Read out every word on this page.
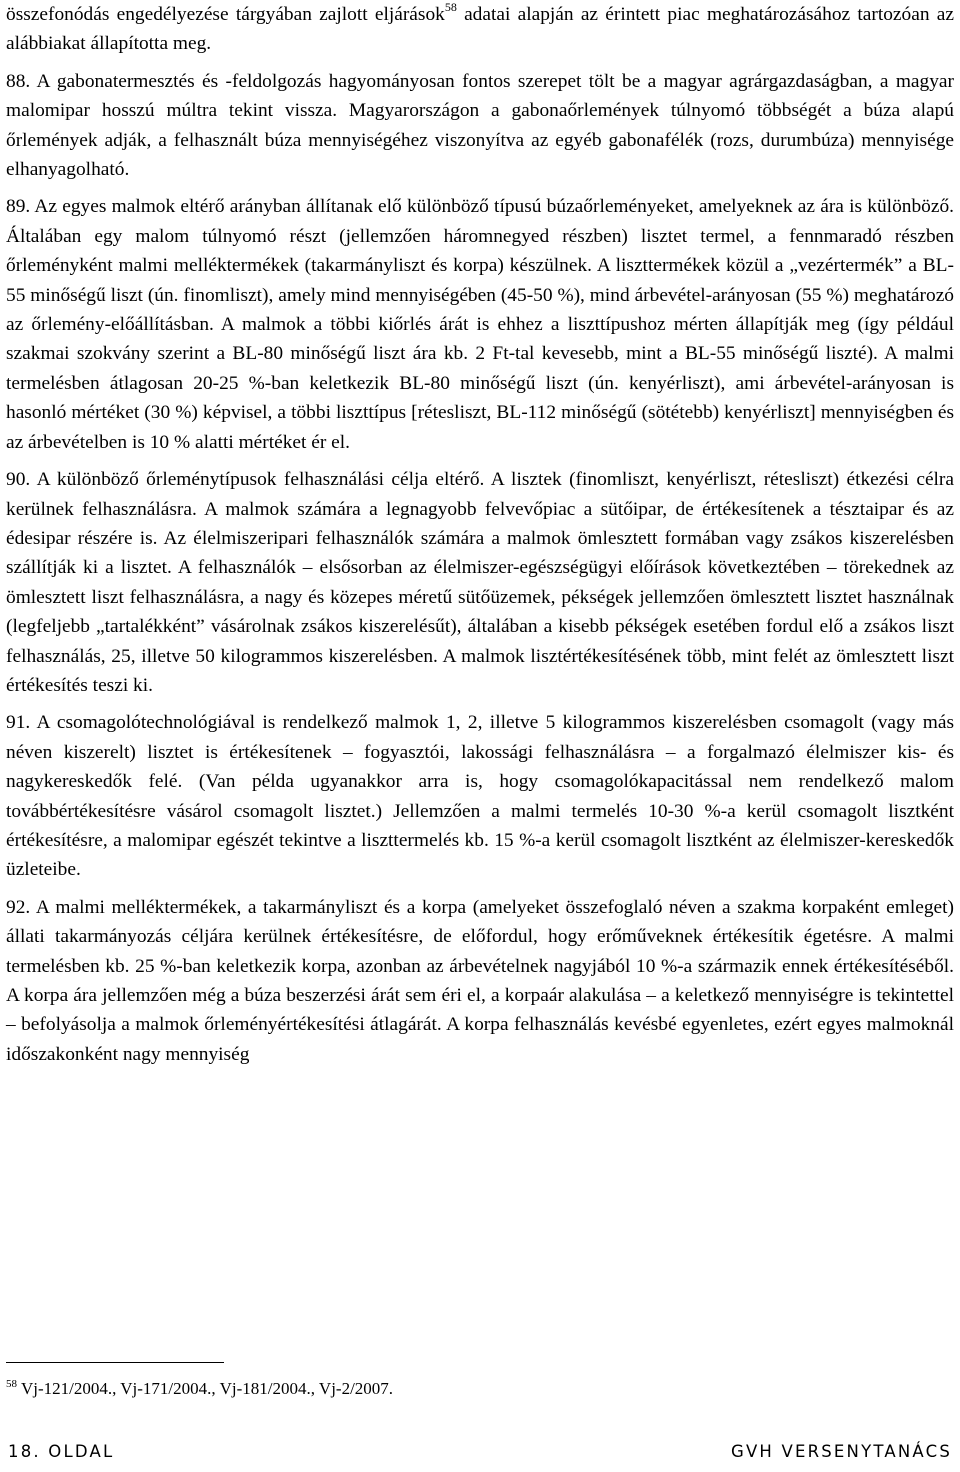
összefonódás engedélyezése tárgyában zajlott eljárások$^{58}$ adatai alapján az érintett piac meghatározásához tartozóan az alábbiakat állapította meg.

88. A gabonatermesztés és -feldolgozás hagyományosan fontos szerepet tölt be a magyar agrárgazdaságban, a magyar malomipar hosszú múltra tekint vissza. Magyarországon a gabonaőrlemények túlnyomó többségét a búza alapú őrlemények adják, a felhasznált búza mennyiségéhez viszonyítva az egyéb gabonafélék (rozs, durumbúza) mennyisége elhanyagolható.

89. Az egyes malmok eltérő arányban állítanak elő különböző típusú búzaőrleményeket, amelyeknek az ára is különböző. Általában egy malom túlnyomó részt (jellemzően háromnegyed részben) lisztet termel, a fennmaradó részben őrleményként malmi melléktermékek (takarmányliszt és korpa) készülnek. A liszttermékek közül a „vezértermék” a BL-55 minőségű liszt (ún. finomliszt), amely mind mennyiségében (45-50 %), mind árbevétel-arányosan (55 %) meghatározó az őrlemény-előállításban. A malmok a többi kiőrlés árát is ehhez a liszttípushoz mérten állapítják meg (így például szakmai szokvány szerint a BL-80 minőségű liszt ára kb. 2 Ft-tal kevesebb, mint a BL-55 minőségű liszté). A malmi termelésben átlagosan 20-25 %-ban keletkezik BL-80 minőségű liszt (ún. kenyérliszt), ami árbevétel-arányosan is hasonló mértéket (30 %) képvisel, a többi liszttípus [rétesliszt, BL-112 minőségű (sötétebb) kenyérliszt] mennyiségben és az árbevételben is 10 % alatti mértéket ér el.

90. A különböző őrleménytípusok felhasználási célja eltérő. A lisztek (finomliszt, kenyérliszt, rétesliszt) étkezési célra kerülnek felhasználásra. A malmok számára a legnagyobb felvevőpiac a sütőipar, de értékesítenek a tésztaipar és az édesipar részére is. Az élelmiszeripari felhasználók számára a malmok ömlesztett formában vagy zsákos kiszerelésben szállítják ki a lisztet. A felhasználók – elsősorban az élelmiszer-egészségügyi előírások következtében – törekednek az ömlesztett liszt felhasználásra, a nagy és közepes méretű sütőüzemek, pékségek jellemzően ömlesztett lisztet használnak (legfeljebb „tartalékként” vásárolnak zsákos kiszerelésűt), általában a kisebb pékségek esetében fordul elő a zsákos liszt felhasználás, 25, illetve 50 kilogrammos kiszerelésben. A malmok lisztértékesítésének több, mint felét az ömlesztett liszt értékesítés teszi ki.

91. A csomagolótechnológiával is rendelkező malmok 1, 2, illetve 5 kilogrammos kiszerelésben csomagolt (vagy más néven kiszerelt) lisztet is értékesítenek – fogyasztói, lakossági felhasználásra – a forgalmazó élelmiszer kis- és nagykereskedők felé. (Van példa ugyanakkor arra is, hogy csomagolókapacitással nem rendelkező malom továbbértékesítésre vásárol csomagolt lisztet.) Jellemzően a malmi termelés 10-30 %-a kerül csomagolt lisztként értékesítésre, a malomipar egészét tekintve a liszttermelés kb. 15 %-a kerül csomagolt lisztként az élelmiszer-kereskedők üzleteibe.

92. A malmi melléktermékek, a takarmányliszt és a korpa (amelyeket összefoglaló néven a szakma korpaként emleget) állati takarmányozás céljára kerülnek értékesítésre, de előfordul, hogy erőműveknek értékesítik égetésre. A malmi termelésben kb. 25 %-ban keletkezik korpa, azonban az árbevételnek nagyjából 10 %-a származik ennek értékesítéséből. A korpa ára jellemzően még a búza beszerzési árát sem éri el, a korpaár alakulása – a keletkező mennyiségre is tekintettel – befolyásolja a malmok őrleményértékesítési átlagárát. A korpa felhasználás kevésbé egyenletes, ezért egyes malmoknál időszakonként nagy mennyiség

$^{58}$ Vj-121/2004., Vj-171/2004., Vj-181/2004., Vj-2/2007.
18. OLDAL	GVH VERSENYTANÁCS
